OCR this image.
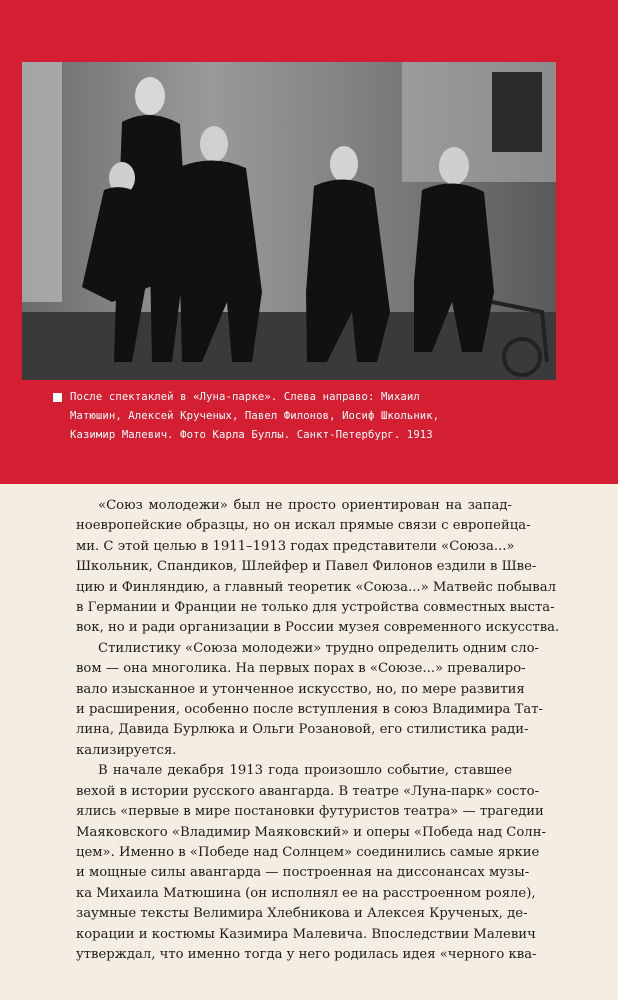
После спектаклей в «Луна-парке». Слева направо: Михаил

Матюшин, Алексей Крученых, Павел Филонов, Иосиф Школьник,

Казимир Малевич. Фото Карла Буллы. Санкт-Петербург. 1913

«Союз молодежи» был не просто ориентирован на запад-

ноевропейские образцы, но он искал прямые связи с европейца-

ми. С этой целью в 1911–1913 годах представители «Союза...»

Школьник, Спандиков, Шлейфер и Павел Филонов ездили в Шве-

цию и Финляндию, а главный теоретик «Союза...» Матвейс побывал

в Германии и Франции не только для устройства совместных выста-

вок, но и ради организации в России музея современного искусства.

Стилистику «Союза молодежи» трудно определить одним сло-

вом — она многолика. На первых порах в «Союзе...» превалиро-

вало изысканное и утонченное искусство, но, по мере развития

и расширения, особенно после вступления в союз Владимира Тат-

лина, Давида Бурлюка и Ольги Розановой, его стилистика ради-

кализируется.

В начале декабря 1913 года произошло событие, ставшее

вехой в истории русского авангарда. В театре «Луна-парк» состо-

ялись «первые в мире постановки футуристов театра» — трагедии

Маяковского «Владимир Маяковский» и оперы «Победа над Солн-

цем». Именно в «Победе над Солнцем» соединились самые яркие

и мощные силы авангарда — построенная на диссонансах музы-

ка Михаила Матюшина (он исполнял ее на расстроенном рояле),

заумные тексты Велимира Хлебникова и Алексея Крученых, де-

корации и костюмы Казимира Малевича. Впоследствии Малевич

утверждал, что именно тогда у него родилась идея «черного ква-
